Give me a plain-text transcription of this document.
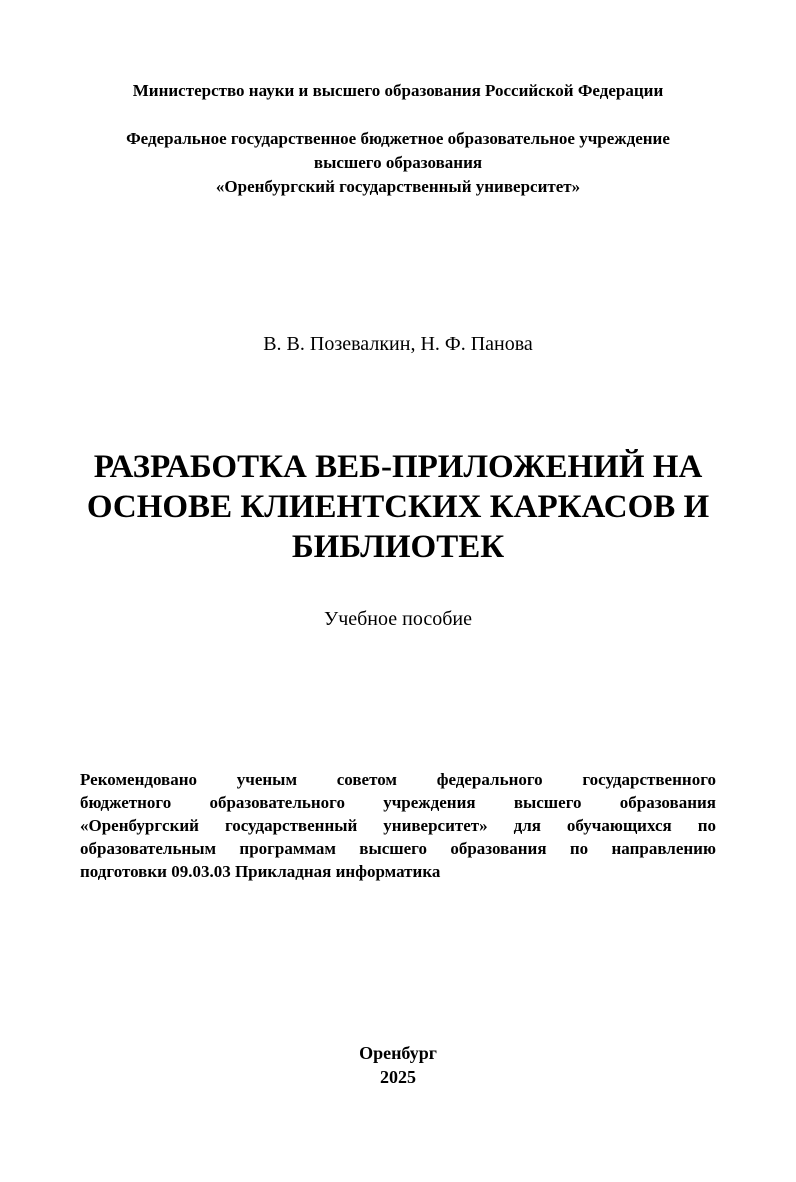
Министерство науки и высшего образования Российской Федерации
Федеральное государственное бюджетное образовательное учреждение
высшего образования
«Оренбургский государственный университет»
В. В. Позевалкин, Н. Ф. Панова
РАЗРАБОТКА ВЕБ-ПРИЛОЖЕНИЙ НА
ОСНОВЕ КЛИЕНТСКИХ КАРКАСОВ И
БИБЛИОТЕК
Учебное пособие
Рекомендовано ученым советом федерального государственного
бюджетного образовательного учреждения высшего образования
«Оренбургский государственный университет» для обучающихся по
образовательным программам высшего образования по направлению
подготовки 09.03.03 Прикладная информатика
Оренбург
2025
